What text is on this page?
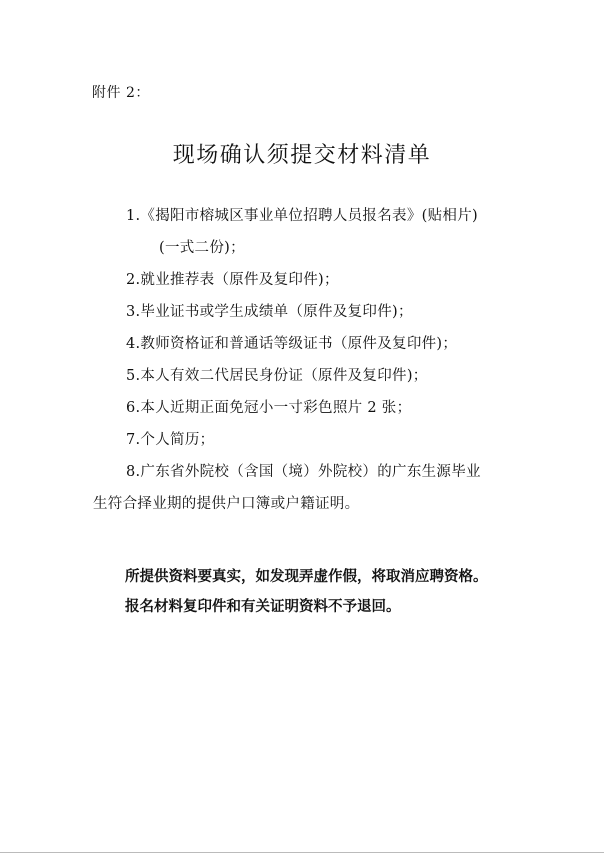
附件 2：
现场确认须提交材料清单
1.《揭阳市榕城区事业单位招聘人员报名表》(贴相片)
(一式二份)；
2.就业推荐表（原件及复印件)；
3.毕业证书或学生成绩单（原件及复印件)；
4.教师资格证和普通话等级证书（原件及复印件)；
5.本人有效二代居民身份证（原件及复印件)；
6.本人近期正面免冠小一寸彩色照片 2 张；
7.个人简历；
8.广东省外院校（含国（境）外院校）的广东生源毕业
生符合择业期的提供户口簿或户籍证明。
所提供资料要真实，如发现弄虚作假，将取消应聘资格。
报名材料复印件和有关证明资料不予退回。
